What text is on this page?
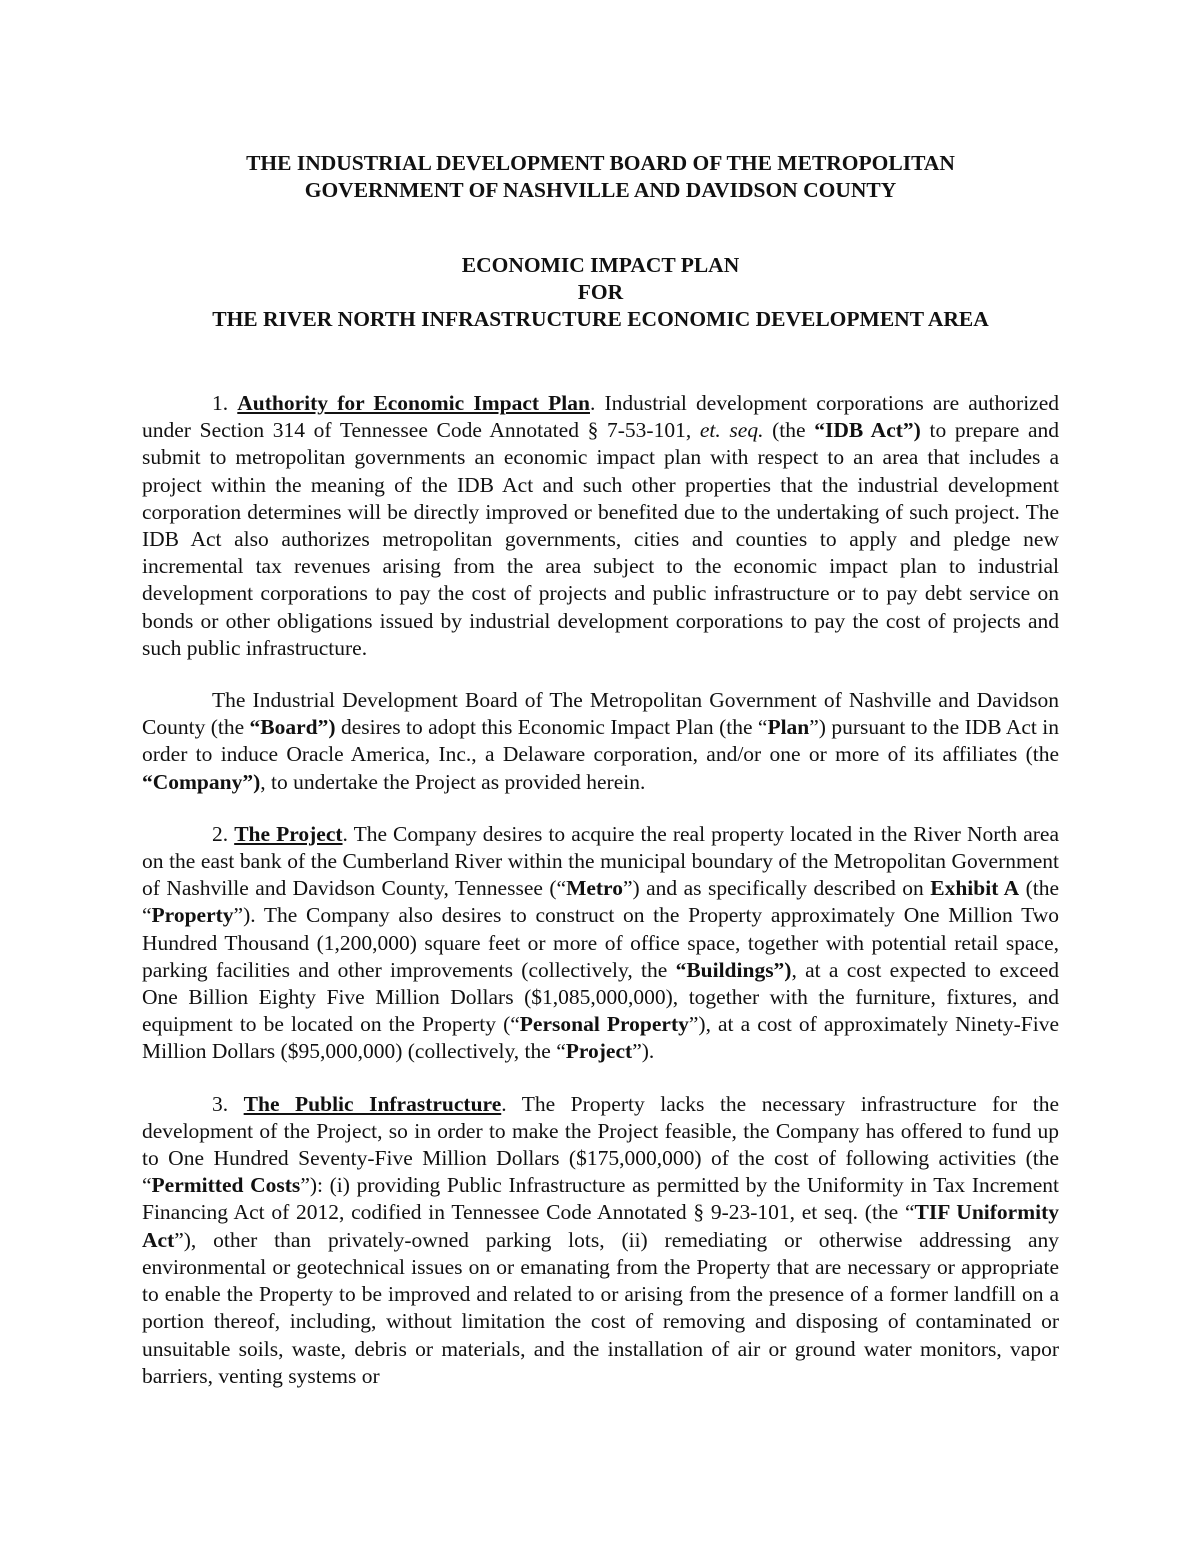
THE INDUSTRIAL DEVELOPMENT BOARD OF THE METROPOLITAN
GOVERNMENT OF NASHVILLE AND DAVIDSON COUNTY
ECONOMIC IMPACT PLAN
FOR
THE RIVER NORTH INFRASTRUCTURE ECONOMIC DEVELOPMENT AREA

1. Authority for Economic Impact Plan. Industrial development corporations are authorized under Section 314 of Tennessee Code Annotated § 7-53-101, et. seq. (the “IDB Act”) to prepare and submit to metropolitan governments an economic impact plan with respect to an area that includes a project within the meaning of the IDB Act and such other properties that the industrial development corporation determines will be directly improved or benefited due to the undertaking of such project. The IDB Act also authorizes metropolitan governments, cities and counties to apply and pledge new incremental tax revenues arising from the area subject to the economic impact plan to industrial development corporations to pay the cost of projects and public infrastructure or to pay debt service on bonds or other obligations issued by industrial development corporations to pay the cost of projects and such public infrastructure.

The Industrial Development Board of The Metropolitan Government of Nashville and Davidson County (the “Board”) desires to adopt this Economic Impact Plan (the “Plan”) pursuant to the IDB Act in order to induce Oracle America, Inc., a Delaware corporation, and/or one or more of its affiliates (the “Company”), to undertake the Project as provided herein.

2. The Project. The Company desires to acquire the real property located in the River North area on the east bank of the Cumberland River within the municipal boundary of the Metropolitan Government of Nashville and Davidson County, Tennessee (“Metro”) and as specifically described on Exhibit A (the “Property”). The Company also desires to construct on the Property approximately One Million Two Hundred Thousand (1,200,000) square feet or more of office space, together with potential retail space, parking facilities and other improvements (collectively, the “Buildings”), at a cost expected to exceed One Billion Eighty Five Million Dollars ($1,085,000,000), together with the furniture, fixtures, and equipment to be located on the Property (“Personal Property”), at a cost of approximately Ninety-Five Million Dollars ($95,000,000) (collectively, the “Project”).

3. The Public Infrastructure. The Property lacks the necessary infrastructure for the development of the Project, so in order to make the Project feasible, the Company has offered to fund up to One Hundred Seventy-Five Million Dollars ($175,000,000) of the cost of following activities (the “Permitted Costs”): (i) providing Public Infrastructure as permitted by the Uniformity in Tax Increment Financing Act of 2012, codified in Tennessee Code Annotated § 9-23-101, et seq. (the “TIF Uniformity Act”), other than privately-owned parking lots, (ii) remediating or otherwise addressing any environmental or geotechnical issues on or emanating from the Property that are necessary or appropriate to enable the Property to be improved and related to or arising from the presence of a former landfill on a portion thereof, including, without limitation the cost of removing and disposing of contaminated or unsuitable soils, waste, debris or materials, and the installation of air or ground water monitors, vapor barriers, venting systems or
